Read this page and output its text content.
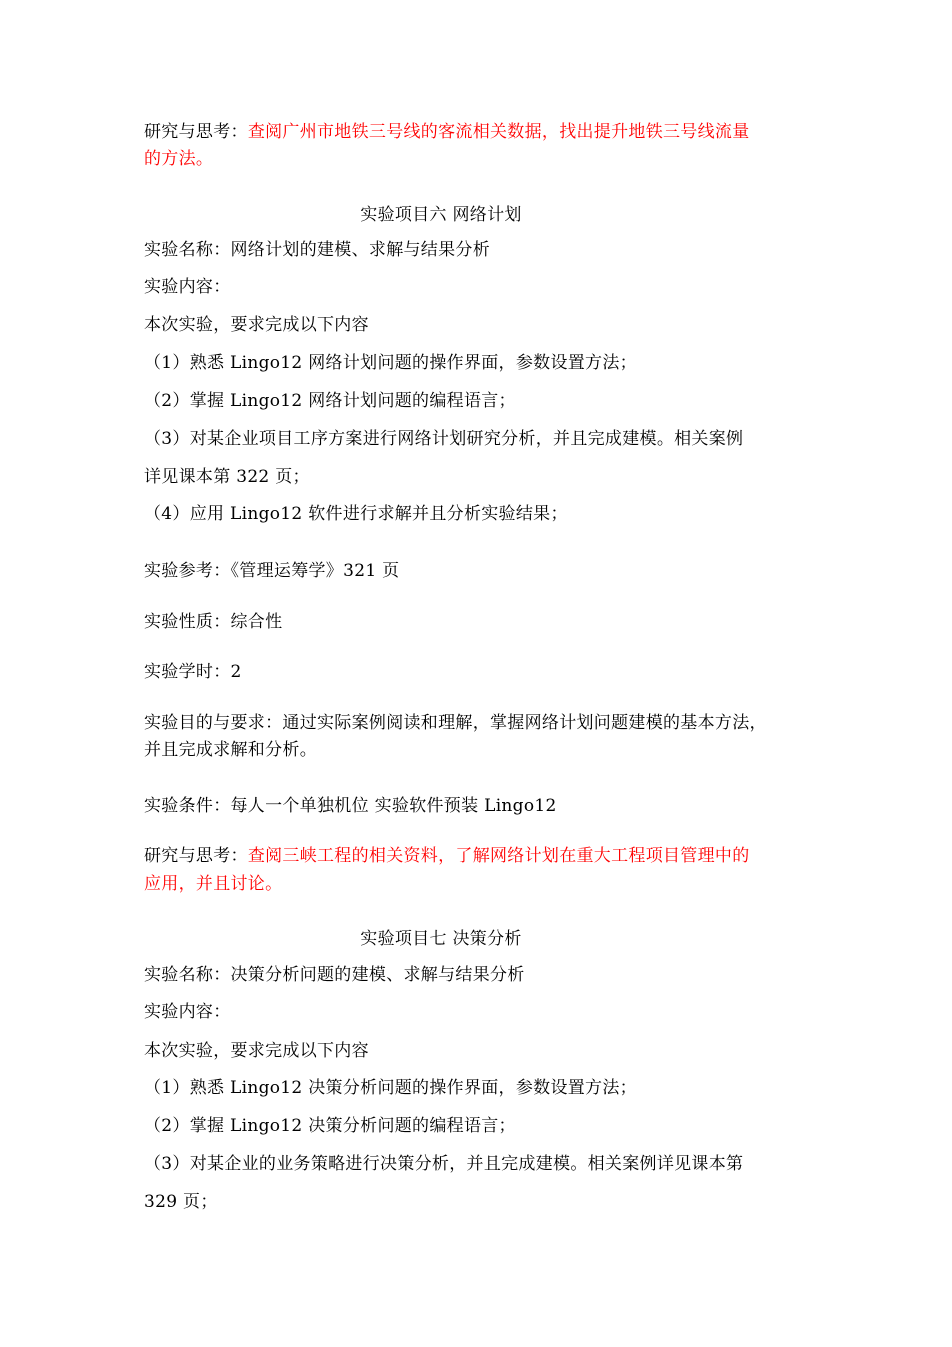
研究与思考：查阅广州市地铁三号线的客流相关数据，找出提升地铁三号线流量
的方法。
实验项目六 网络计划
实验名称：网络计划的建模、求解与结果分析
实验内容：
本次实验，要求完成以下内容
（1）熟悉 Lingo12 网络计划问题的操作界面，参数设置方法；
（2）掌握 Lingo12 网络计划问题的编程语言；
（3）对某企业项目工序方案进行网络计划研究分析，并且完成建模。相关案例
详见课本第 322 页；
（4）应用 Lingo12 软件进行求解并且分析实验结果；
实验参考：《管理运筹学》321 页
实验性质：综合性
实验学时：2
实验目的与要求：通过实际案例阅读和理解，掌握网络计划问题建模的基本方法，
并且完成求解和分析。
实验条件：每人一个单独机位 实验软件预装 Lingo12
研究与思考：查阅三峡工程的相关资料，了解网络计划在重大工程项目管理中的
应用，并且讨论。
实验项目七 决策分析
实验名称：决策分析问题的建模、求解与结果分析
实验内容：
本次实验，要求完成以下内容
（1）熟悉 Lingo12 决策分析问题的操作界面，参数设置方法；
（2）掌握 Lingo12 决策分析问题的编程语言；
（3）对某企业的业务策略进行决策分析，并且完成建模。相关案例详见课本第
329 页；
